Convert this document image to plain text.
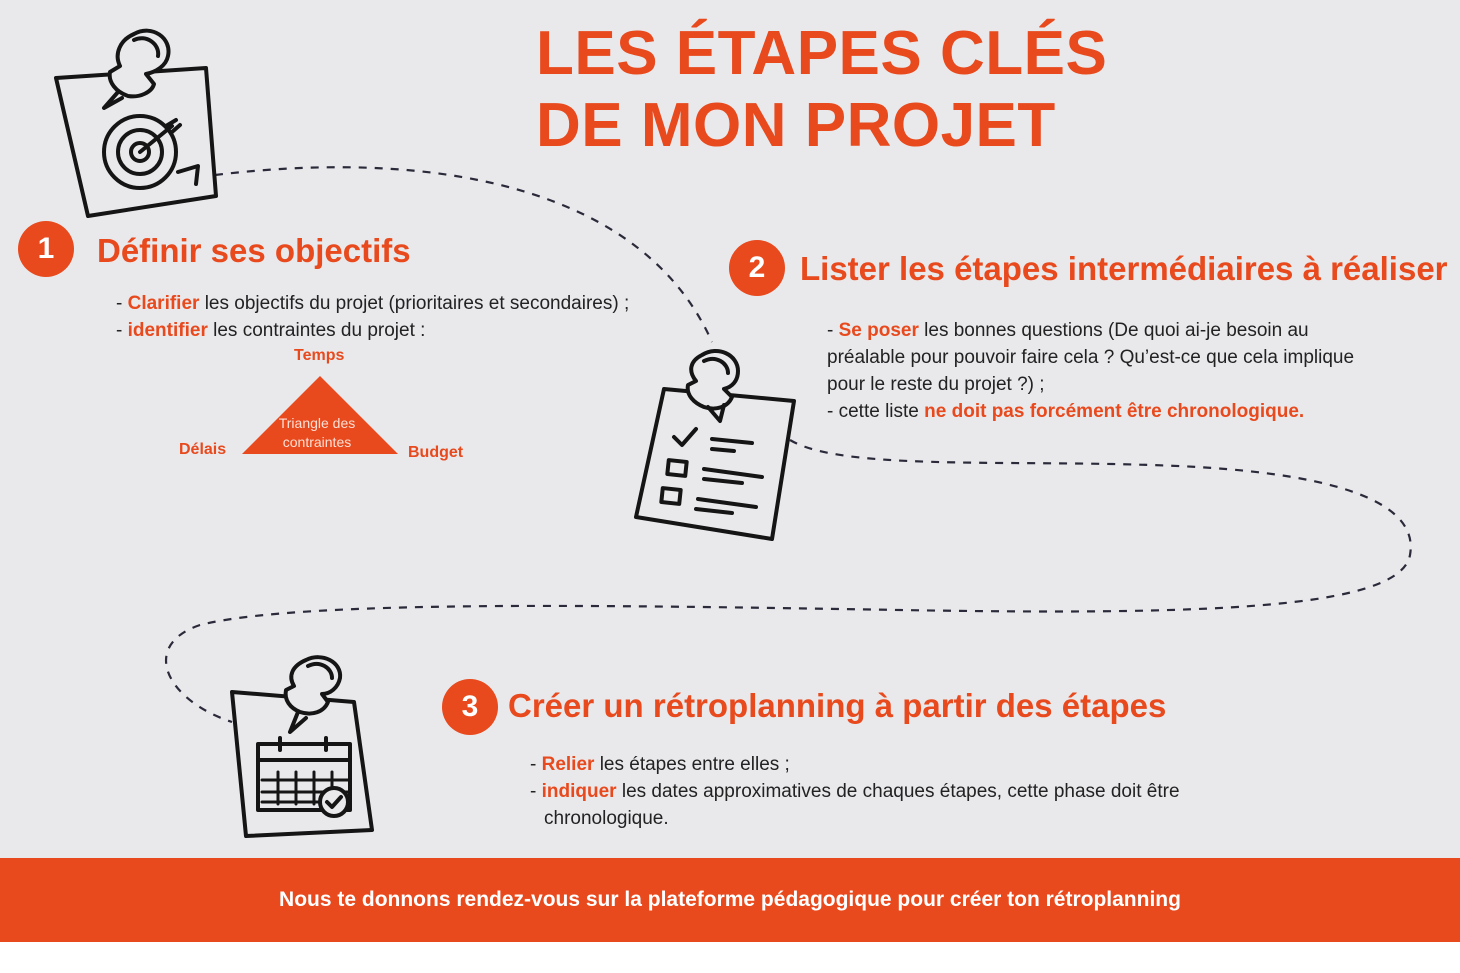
LES ÉTAPES CLÉS
DE MON PROJET
1	Définir ses objectifs

- Clarifier les objectifs du projet (prioritaires et secondaires) ;

- identifier les contraintes du projet :

Triangle des
contraintes
Temps
Délais	Budget
2	Lister les étapes intermédiaires à réaliser

- Se poser les bonnes questions (De quoi ai-je besoin au

préalable pour pouvoir faire cela ? Qu’est-ce que cela implique

pour le reste du projet ?) ;

- cette liste ne doit pas forcément être chronologique.

3 Créer un rétroplanning à partir des étapes

- Relier les étapes entre elles ;

- indiquer les dates approximatives de chaques étapes, cette phase doit être

chronologique.

Nous te donnons rendez-vous sur la plateforme pédagogique pour créer ton rétroplanning
